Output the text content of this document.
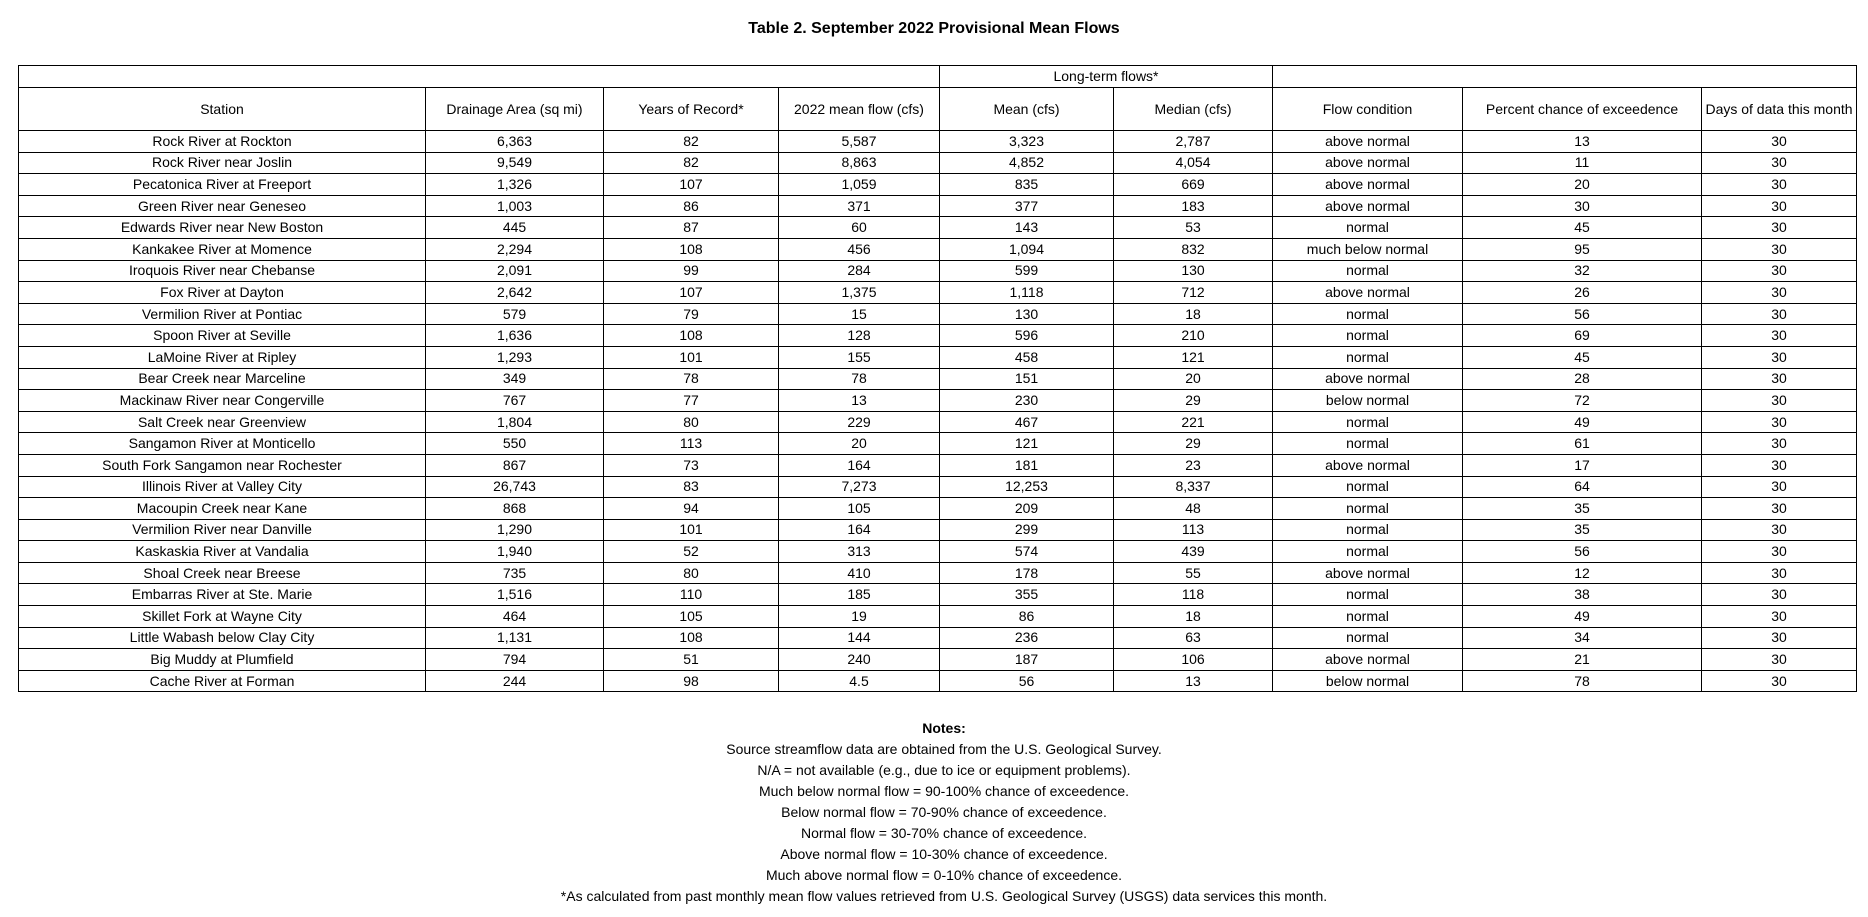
Table 2. September 2022 Provisional Mean Flows
				Long-term flows*				
Station	Drainage Area (sq mi)	Years of Record*	2022 mean flow (cfs)	Mean (cfs)	Median (cfs)	Flow condition	Percent chance of exceedence	Days of data this month
Rock River at Rockton	6,363	82	5,587	3,323	2,787	above normal	13	30
Rock River near Joslin	9,549	82	8,863	4,852	4,054	above normal	11	30
Pecatonica River at Freeport	1,326	107	1,059	835	669	above normal	20	30
Green River near Geneseo	1,003	86	371	377	183	above normal	30	30
Edwards River near New Boston	445	87	60	143	53	normal	45	30
Kankakee River at Momence	2,294	108	456	1,094	832	much below normal	95	30
Iroquois River near Chebanse	2,091	99	284	599	130	normal	32	30
Fox River at Dayton	2,642	107	1,375	1,118	712	above normal	26	30
Vermilion River at Pontiac	579	79	15	130	18	normal	56	30
Spoon River at Seville	1,636	108	128	596	210	normal	69	30
LaMoine River at Ripley	1,293	101	155	458	121	normal	45	30
Bear Creek near Marceline	349	78	78	151	20	above normal	28	30
Mackinaw River near Congerville	767	77	13	230	29	below normal	72	30
Salt Creek near Greenview	1,804	80	229	467	221	normal	49	30
Sangamon River at Monticello	550	113	20	121	29	normal	61	30
South Fork Sangamon near Rochester	867	73	164	181	23	above normal	17	30
Illinois River at Valley City	26,743	83	7,273	12,253	8,337	normal	64	30
Macoupin Creek near Kane	868	94	105	209	48	normal	35	30
Vermilion River near Danville	1,290	101	164	299	113	normal	35	30
Kaskaskia River at Vandalia	1,940	52	313	574	439	normal	56	30
Shoal Creek near Breese	735	80	410	178	55	above normal	12	30
Embarras River at Ste. Marie	1,516	110	185	355	118	normal	38	30
Skillet Fork at Wayne City	464	105	19	86	18	normal	49	30
Little Wabash below Clay City	1,131	108	144	236	63	normal	34	30
Big Muddy at Plumfield	794	51	240	187	106	above normal	21	30
Cache River at Forman	244	98	4.5	56	13	below normal	78	30
Notes:
Source streamflow data are obtained from the U.S. Geological Survey.
N/A = not available (e.g., due to ice or equipment problems).
Much below normal flow = 90-100% chance of exceedence.
Below normal flow = 70-90% chance of exceedence.
Normal flow = 30-70% chance of exceedence.
Above normal flow = 10-30% chance of exceedence.
Much above normal flow = 0-10% chance of exceedence.
*As calculated from past monthly mean flow values retrieved from U.S. Geological Survey (USGS) data services this month.
